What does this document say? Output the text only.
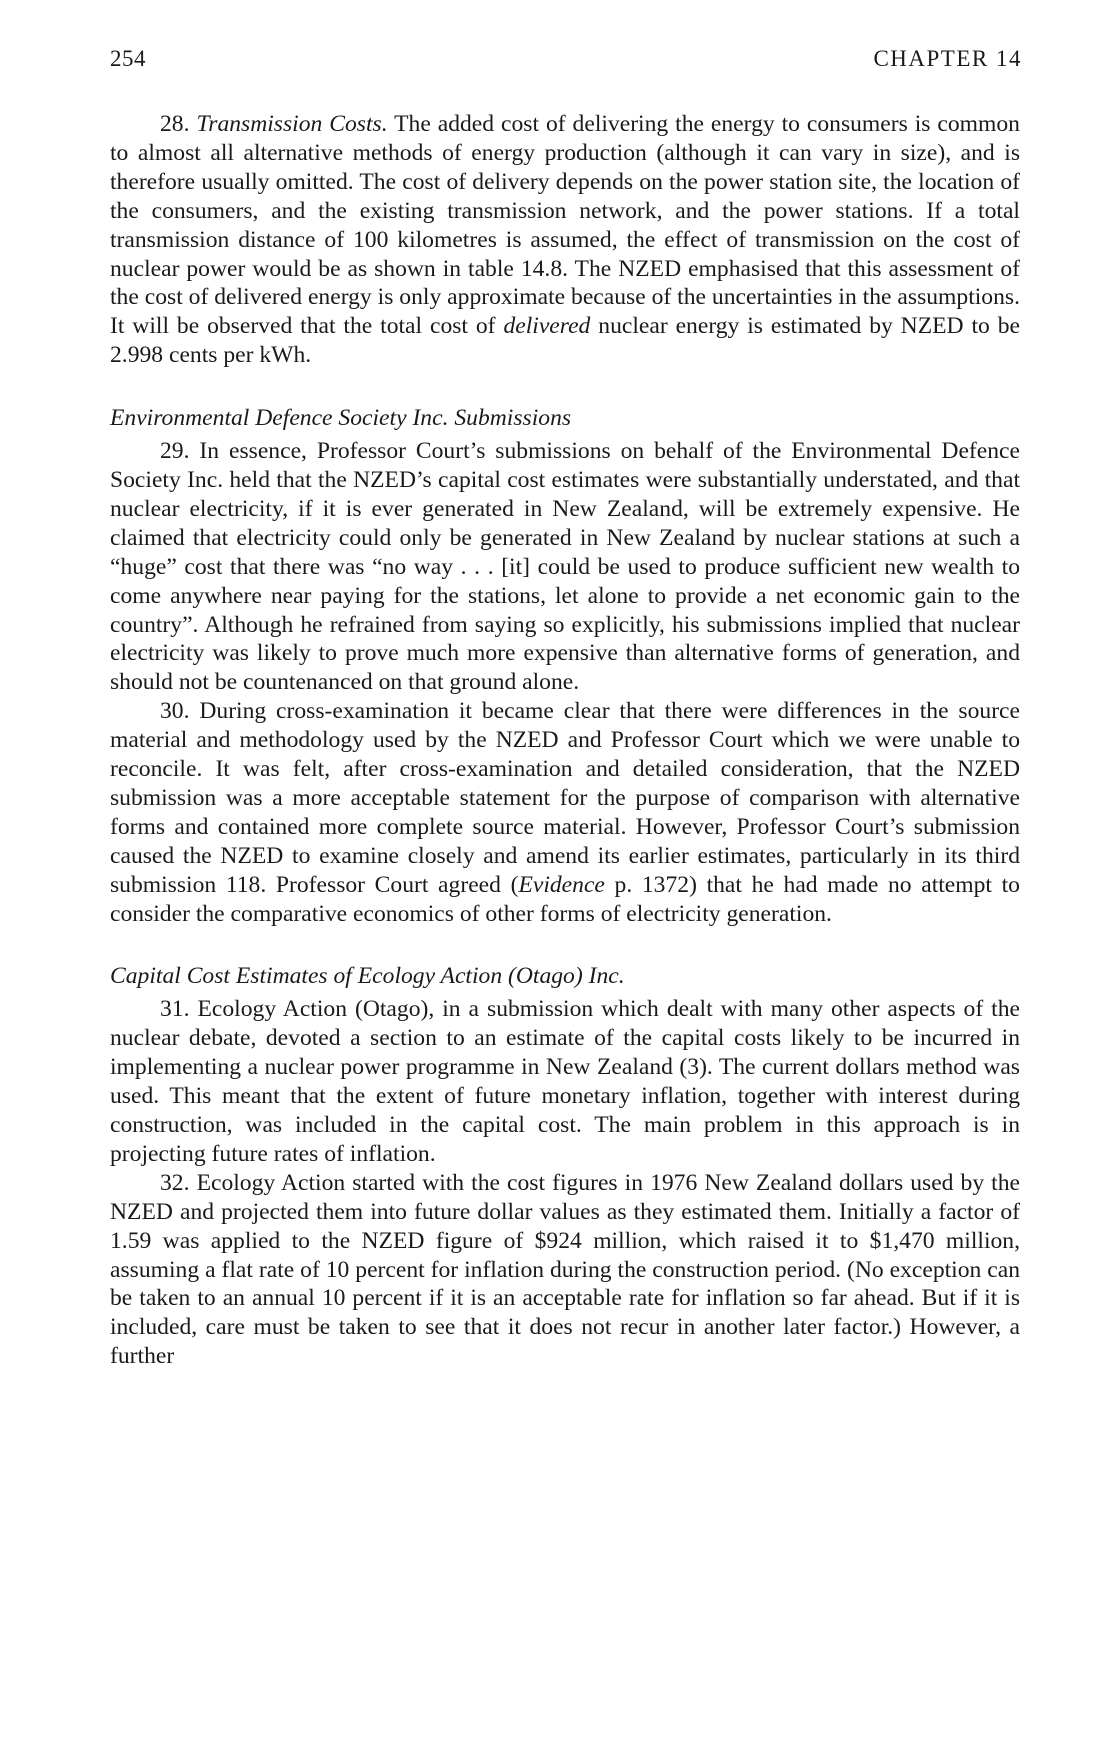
254	CHAPTER 14

28. Transmission Costs. The added cost of delivering the energy to consumers is common to almost all alternative methods of energy production (although it can vary in size), and is therefore usually omitted. The cost of delivery depends on the power station site, the location of the consumers, and the existing transmission network, and the power stations. If a total transmission distance of 100 kilometres is assumed, the effect of transmission on the cost of nuclear power would be as shown in table 14.8. The NZED emphasised that this assessment of the cost of delivered energy is only approximate because of the uncertainties in the assumptions. It will be observed that the total cost of delivered nuclear energy is estimated by NZED to be 2.998 cents per kWh.

Environmental Defence Society Inc. Submissions

29. In essence, Professor Court’s submissions on behalf of the Environmental Defence Society Inc. held that the NZED’s capital cost estimates were substantially understated, and that nuclear electricity, if it is ever generated in New Zealand, will be extremely expensive. He claimed that electricity could only be generated in New Zealand by nuclear stations at such a “huge” cost that there was “no way . . . [it] could be used to produce sufficient new wealth to come anywhere near paying for the stations, let alone to provide a net economic gain to the country”. Although he refrained from saying so explicitly, his submissions implied that nuclear electricity was likely to prove much more expensive than alternative forms of generation, and should not be countenanced on that ground alone.

30. During cross-examination it became clear that there were differences in the source material and methodology used by the NZED and Professor Court which we were unable to reconcile. It was felt, after cross-examination and detailed consideration, that the NZED submission was a more acceptable statement for the purpose of comparison with alternative forms and contained more complete source material. However, Professor Court’s submission caused the NZED to examine closely and amend its earlier estimates, particularly in its third submission 118. Professor Court agreed (Evidence p. 1372) that he had made no attempt to consider the comparative economics of other forms of electricity generation.

Capital Cost Estimates of Ecology Action (Otago) Inc.

31. Ecology Action (Otago), in a submission which dealt with many other aspects of the nuclear debate, devoted a section to an estimate of the capital costs likely to be incurred in implementing a nuclear power programme in New Zealand (3). The current dollars method was used. This meant that the extent of future monetary inflation, together with interest during construction, was included in the capital cost. The main problem in this approach is in projecting future rates of inflation.

32. Ecology Action started with the cost figures in 1976 New Zealand dollars used by the NZED and projected them into future dollar values as they estimated them. Initially a factor of 1.59 was applied to the NZED figure of $924 million, which raised it to $1,470 million, assuming a flat rate of 10 percent for inflation during the construction period. (No exception can be taken to an annual 10 percent if it is an acceptable rate for inflation so far ahead. But if it is included, care must be taken to see that it does not recur in another later factor.) However, a further
